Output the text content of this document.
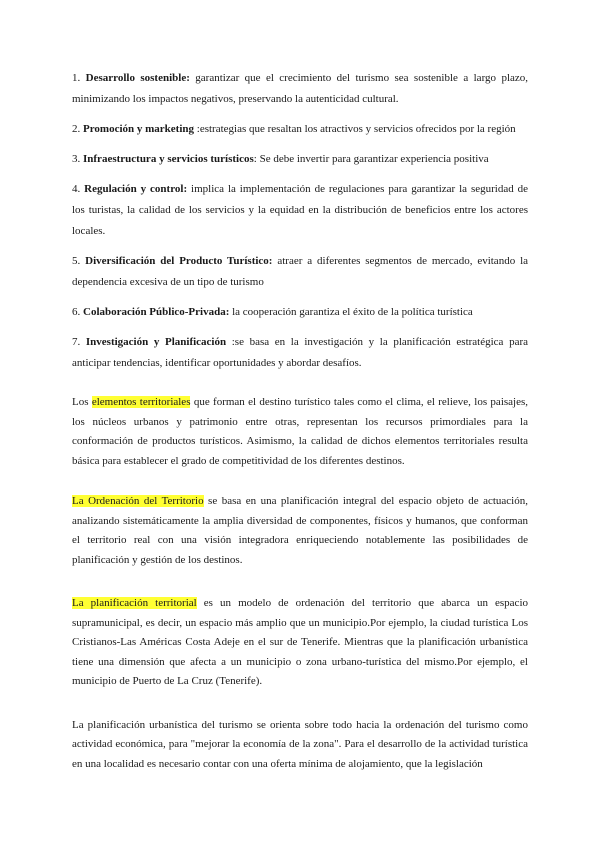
1. Desarrollo sostenible: garantizar que el crecimiento del turismo sea sostenible a largo plazo, minimizando los impactos negativos, preservando la autenticidad cultural.

2. Promoción y marketing :estrategias que resaltan los atractivos y servicios ofrecidos por la región

3. Infraestructura y servicios turísticos: Se debe invertir para garantizar experiencia positiva

4. Regulación y control: implica la implementación de regulaciones para garantizar la seguridad de los turistas, la calidad de los servicios y la equidad en la distribución de beneficios entre los actores locales.

5. Diversificación del Producto Turístico: atraer a diferentes segmentos de mercado, evitando la dependencia excesiva de un tipo de turismo

6. Colaboración Público-Privada: la cooperación garantiza el éxito de la política turística

7. Investigación y Planificación :se basa en la investigación y la planificación estratégica para anticipar tendencias, identificar oportunidades y abordar desafíos.

Los elementos territoriales que forman el destino turístico tales como el clima, el relieve, los paisajes, los núcleos urbanos y patrimonio entre otras, representan los recursos primordiales para la conformación de productos turísticos. Asimismo, la calidad de dichos elementos territoriales resulta básica para establecer el grado de competitividad de los diferentes destinos.

La Ordenación del Territorio se basa en una planificación integral del espacio objeto de actuación, analizando sistemáticamente la amplia diversidad de componentes, físicos y humanos, que conforman el territorio real con una visión integradora enriqueciendo notablemente las posibilidades de planificación y gestión de los destinos.

La planificación territorial es un modelo de ordenación del territorio que abarca un espacio supramunicipal, es decir, un espacio más amplio que un municipio.Por ejemplo, la ciudad turística Los Cristianos-Las Américas Costa Adeje en el sur de Tenerife. Mientras que la planificación urbanística tiene una dimensión que afecta a un municipio o zona urbano-turística del mismo.Por ejemplo, el municipio de Puerto de La Cruz (Tenerife).

La planificación urbanística del turismo se orienta sobre todo hacia la ordenación del turismo como actividad económica, para "mejorar la economía de la zona". Para el desarrollo de la actividad turística en una localidad es necesario contar con una oferta mínima de alojamiento, que la legislación
